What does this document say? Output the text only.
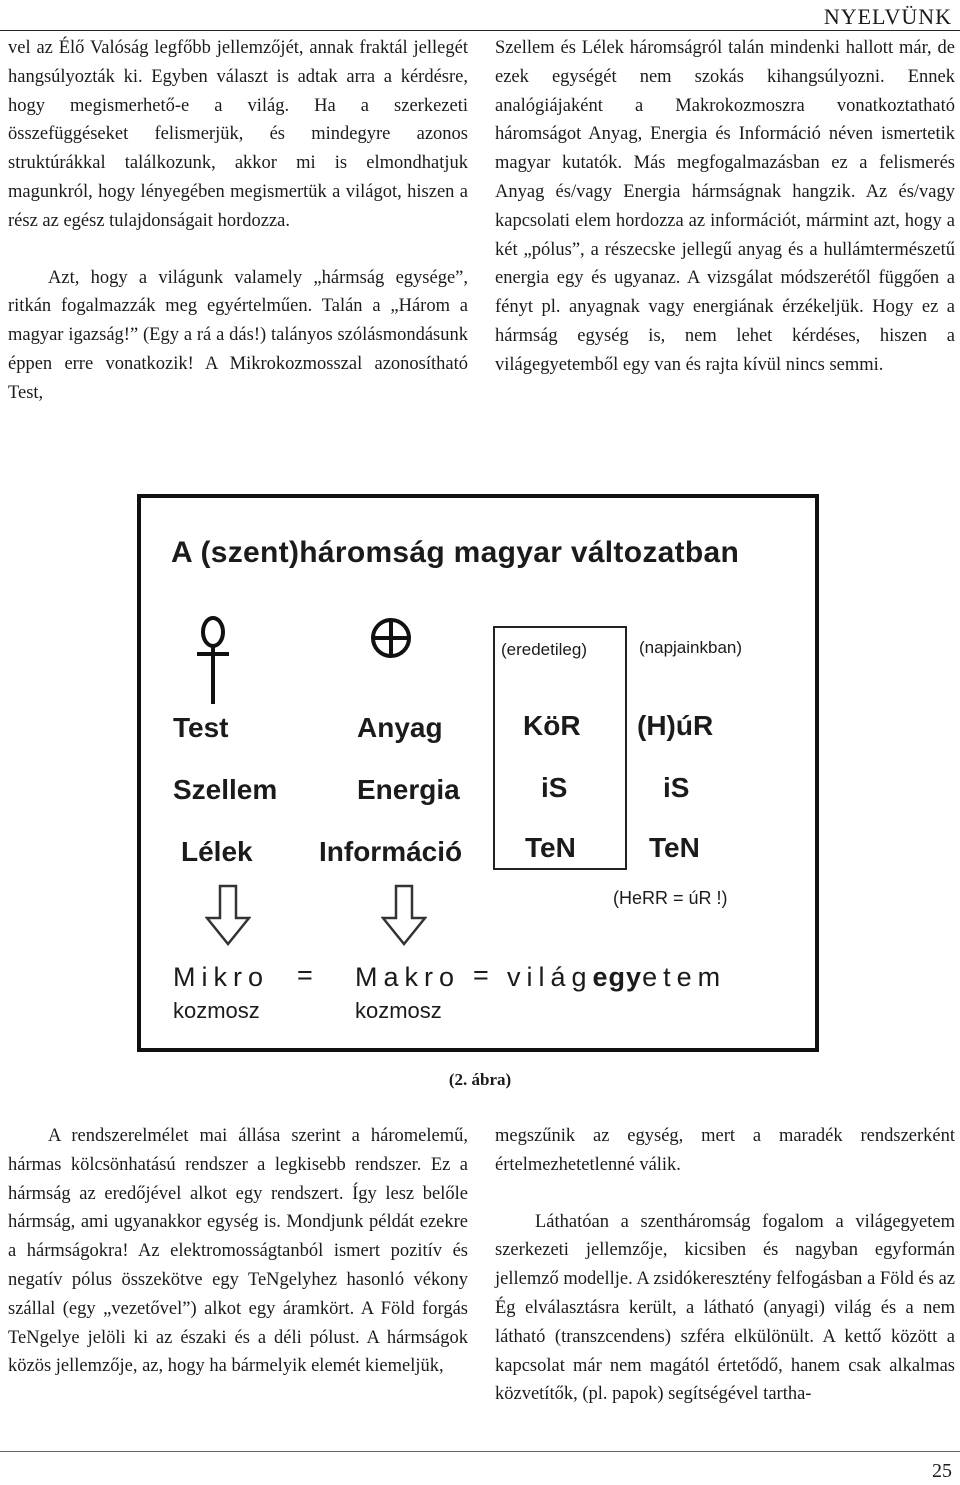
NYELVÜNK

vel az Élő Valóság legfőbb jellemzőjét, annak fraktál jellegét hangsúlyozták ki. Egyben választ is adtak arra a kérdésre, hogy megismerhető-e a világ. Ha a szerkezeti összefüggéseket felismerjük, és mindegyre azonos struktúrákkal találkozunk, akkor mi is elmondhatjuk magunkról, hogy lényegében megismertük a világot, hiszen a rész az egész tulajdonságait hordozza.

Azt, hogy a világunk valamely „hármság egysége”, ritkán fogalmazzák meg egyértelműen. Talán a „Három a magyar igazság!” (Egy a rá a dás!) talányos szólásmondásunk éppen erre vonatkozik! A Mikrokozmosszal azonosítható Test,

Szellem és Lélek háromságról talán mindenki hallott már, de ezek egységét nem szokás kihangsúlyozni. Ennek analógiájaként a Makrokozmoszra vonatkoztatható háromságot Anyag, Energia és Információ néven ismertetik magyar kutatók. Más megfogalmazásban ez a felismerés Anyag és/vagy Energia hármságnak hangzik. Az és/vagy kapcsolati elem hordozza az információt, mármint azt, hogy a két „pólus”, a részecske jellegű anyag és a hullámtermészetű energia egy és ugyanaz. A vizsgálat módszerétől függően a fényt pl. anyagnak vagy energiának érzékeljük. Hogy ez a hármság egység is, nem lehet kérdéses, hiszen a világegyetemből egy van és rajta kívül nincs semmi.

A (szent)háromság magyar változatban
(eredetileg)	(napjainkban)
Test
Szellem
Lélek
Anyag
Energia
Információ
KöR
iS
TeN
(H)úR
iS
TeN
(HeRR = úR !)
Mikro = Makro = világegyetem
kozmosz	kozmosz
(2. ábra)

A rendszerelmélet mai állása szerint a háromelemű, hármas kölcsönhatású rendszer a legkisebb rendszer. Ez a hármság az eredőjével alkot egy rendszert. Így lesz belőle hármság, ami ugyanakkor egység is. Mondjunk példát ezekre a hármságokra! Az elektromosságtanból ismert pozitív és negatív pólus összekötve egy TeNgelyhez hasonló vékony szállal (egy „vezetővel”) alkot egy áramkört. A Föld forgás TeNgelye jelöli ki az északi és a déli pólust. A hármságok közös jellemzője, az, hogy ha bármelyik elemét kiemeljük,

megszűnik az egység, mert a maradék rendszerként értelmezhetetlenné válik.

Láthatóan a szentháromság fogalom a világegyetem szerkezeti jellemzője, kicsiben és nagyban egyformán jellemző modellje. A zsidókeresztény felfogásban a Föld és az Ég elválasztásra került, a látható (anyagi) világ és a nem látható (transzcendens) szféra elkülönült. A kettő között a kapcsolat már nem magától értetődő, hanem csak alkalmas közvetítők, (pl. papok) segítségével tartha-

25
